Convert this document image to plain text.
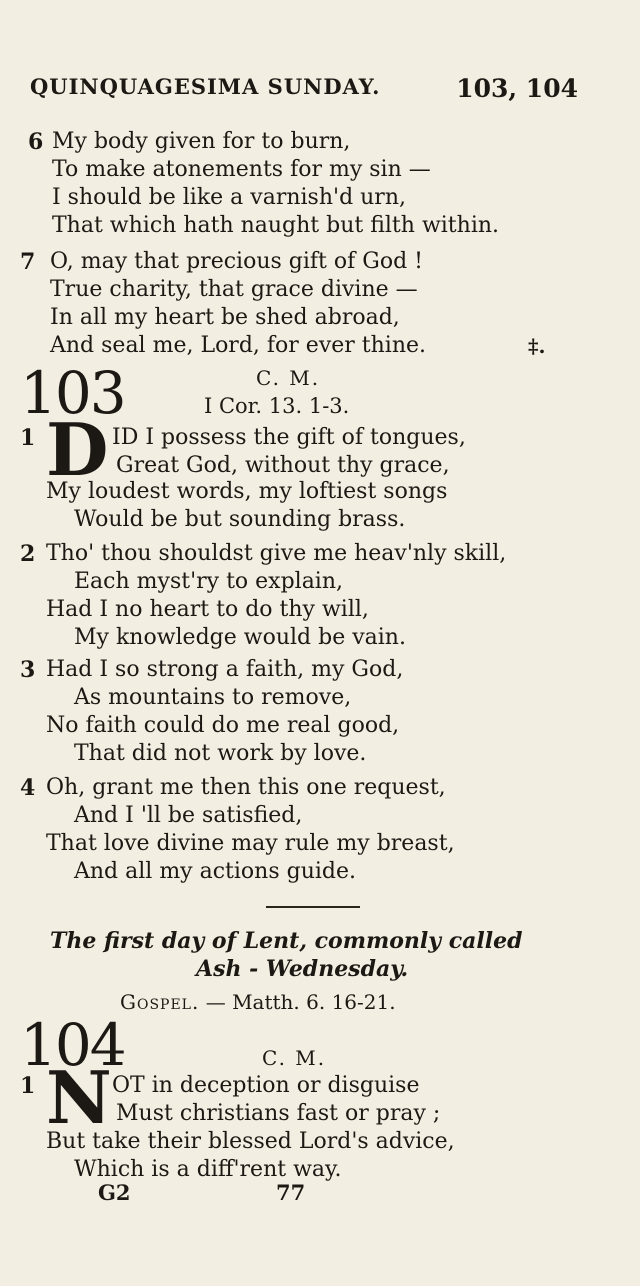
QUINQUAGESIMA SUNDAY.	103, 104
6 My body given for to burn,
To make atonements for my sin —
I should be like a varnish'd urn,
That which hath naught but filth within.
7 O, may that precious gift of God !
True charity, that grace divine —
In all my heart be shed abroad,
And seal me, Lord, for ever thine.	‡.
103	C. M.
I Cor. 13. 1-3.
1 D ID I possess the gift of tongues,
Great God, without thy grace,
My loudest words, my loftiest songs
Would be but sounding brass.
2 Tho' thou shouldst give me heav'nly skill,
Each myst'ry to explain,
Had I no heart to do thy will,
My knowledge would be vain.
3 Had I so strong a faith, my God,
As mountains to remove,
No faith could do me real good,
That did not work by love.
4 Oh, grant me then this one request,
And I 'll be satisfied,
That love divine may rule my breast,
And all my actions guide.
The first day of Lent, commonly called
Ash - Wednesday.
Gospel. — Matth. 6. 16-21.
104	C. M.
1 N OT in deception or disguise
Must christians fast or pray ;
But take their blessed Lord's advice,
Which is a diff'rent way.
G2	77
